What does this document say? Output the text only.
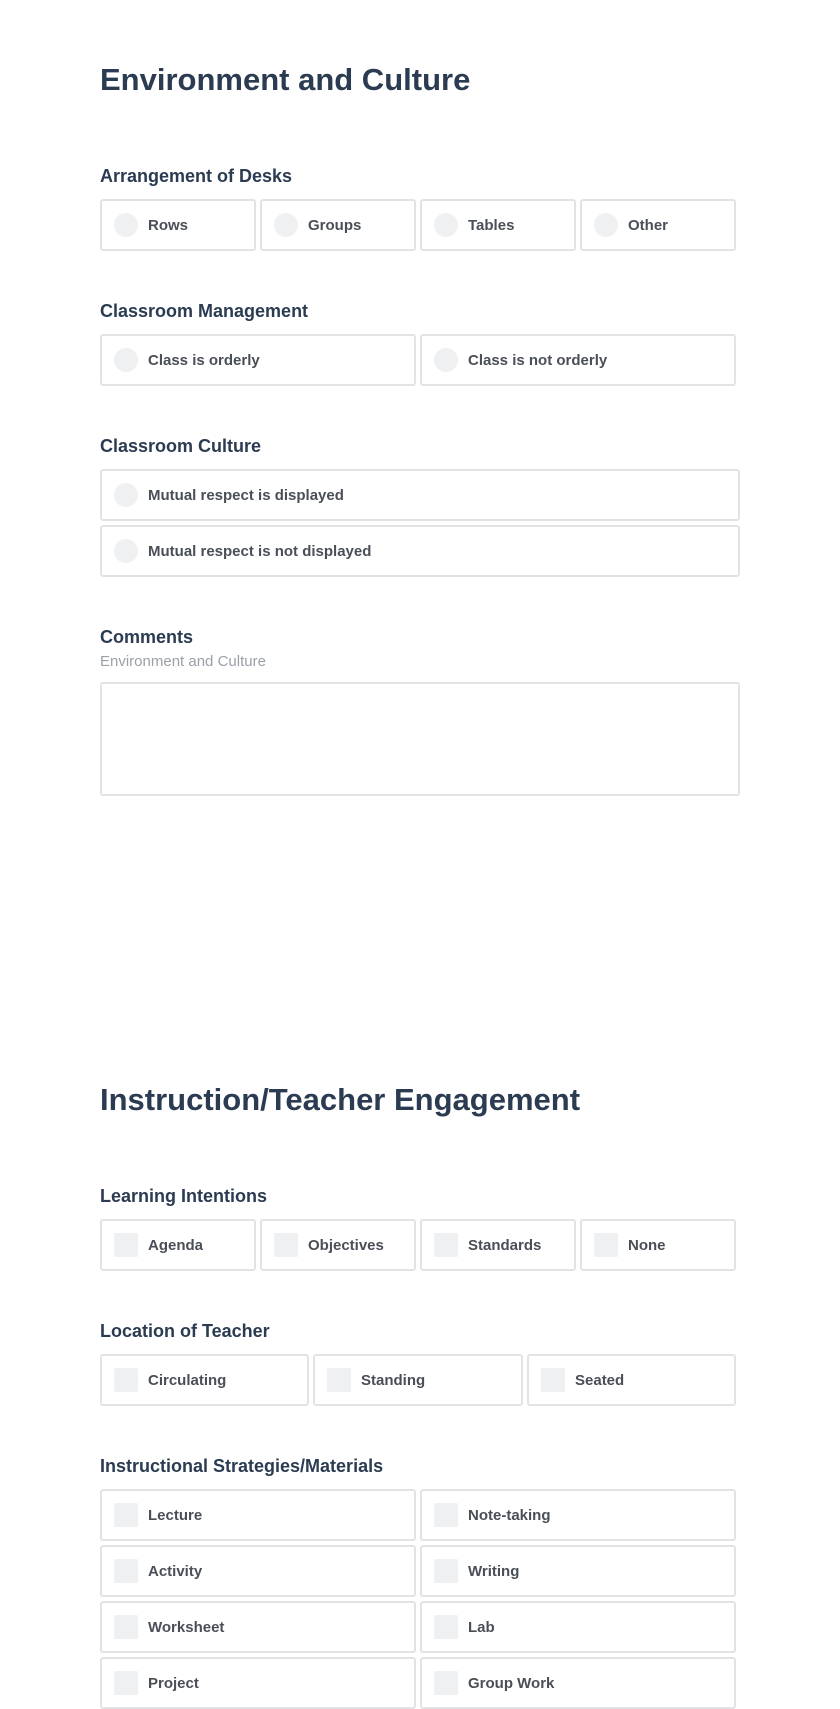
Environment and Culture
Arrangement of Desks
Rows	Groups	Tables	Other
Classroom Management
Class is orderly	Class is not orderly
Classroom Culture
Mutual respect is displayed
Mutual respect is not displayed
Comments
Environment and Culture
Instruction/Teacher Engagement
Learning Intentions
Agenda	Objectives	Standards	None
Location of Teacher
Circulating	Standing	Seated
Instructional Strategies/Materials
Lecture	Note-taking
Activity	Writing
Worksheet	Lab
Project	Group Work
